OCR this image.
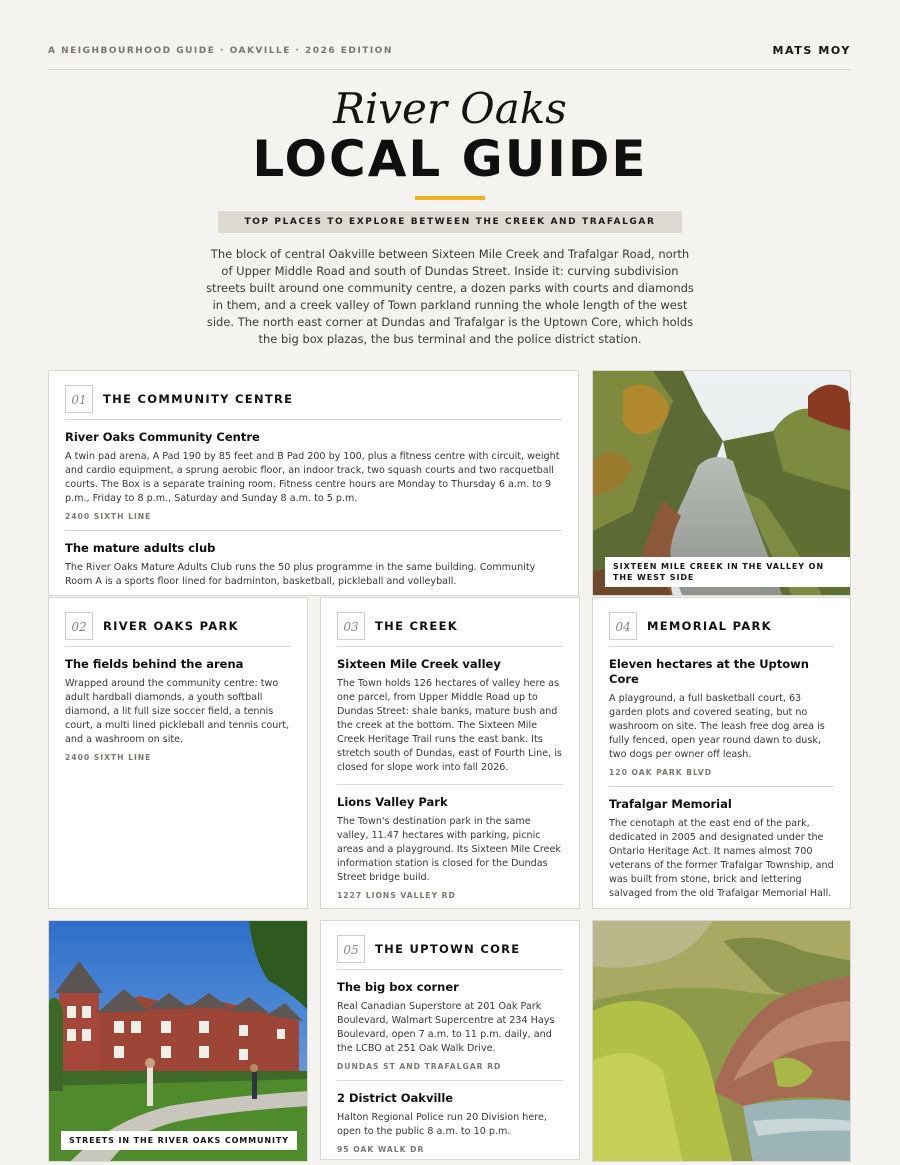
A NEIGHBOURHOOD GUIDE · OAKVILLE · 2026 EDITION	MATS MOY
River Oaks
LOCAL GUIDE
TOP PLACES TO EXPLORE BETWEEN THE CREEK AND TRAFALGAR
The block of central Oakville between Sixteen Mile Creek and Trafalgar Road, north of Upper Middle Road and south of Dundas Street. Inside it: curving subdivision streets built around one community centre, a dozen parks with courts and diamonds in them, and a creek valley of Town parkland running the whole length of the west side. The north east corner at Dundas and Trafalgar is the Uptown Core, which holds the big box plazas, the bus terminal and the police district station.
01	THE COMMUNITY CENTRE
River Oaks Community Centre
A twin pad arena, A Pad 190 by 85 feet and B Pad 200 by 100, plus a fitness centre with circuit, weight and cardio equipment, a sprung aerobic floor, an indoor track, two squash courts and two racquetball courts. The Box is a separate training room. Fitness centre hours are Monday to Thursday 6 a.m. to 9 p.m., Friday to 8 p.m., Saturday and Sunday 8 a.m. to 5 p.m.
2400 SIXTH LINE
The mature adults club
The River Oaks Mature Adults Club runs the 50 plus programme in the same building. Community Room A is a sports floor lined for badminton, basketball, pickleball and volleyball.
SIXTEEN MILE CREEK IN THE VALLEY ON THE WEST SIDE
02	RIVER OAKS PARK
The fields behind the arena
Wrapped around the community centre: two adult hardball diamonds, a youth softball diamond, a lit full size soccer field, a tennis court, a multi lined pickleball and tennis court, and a washroom on site.
2400 SIXTH LINE
03	THE CREEK
Sixteen Mile Creek valley
The Town holds 126 hectares of valley here as one parcel, from Upper Middle Road up to Dundas Street: shale banks, mature bush and the creek at the bottom. The Sixteen Mile Creek Heritage Trail runs the east bank. Its stretch south of Dundas, east of Fourth Line, is closed for slope work into fall 2026.
Lions Valley Park
The Town's destination park in the same valley, 11.47 hectares with parking, picnic areas and a playground. Its Sixteen Mile Creek information station is closed for the Dundas Street bridge build.
1227 LIONS VALLEY RD
04	MEMORIAL PARK
Eleven hectares at the Uptown Core
A playground, a full basketball court, 63 garden plots and covered seating, but no washroom on site. The leash free dog area is fully fenced, open year round dawn to dusk, two dogs per owner off leash.
120 OAK PARK BLVD
Trafalgar Memorial
The cenotaph at the east end of the park, dedicated in 2005 and designated under the Ontario Heritage Act. It names almost 700 veterans of the former Trafalgar Township, and was built from stone, brick and lettering salvaged from the old Trafalgar Memorial Hall.
STREETS IN THE RIVER OAKS COMMUNITY
05	THE UPTOWN CORE
The big box corner
Real Canadian Superstore at 201 Oak Park Boulevard, Walmart Supercentre at 234 Hays Boulevard, open 7 a.m. to 11 p.m. daily, and the LCBO at 251 Oak Walk Drive.
DUNDAS ST AND TRAFALGAR RD
2 District Oakville
Halton Regional Police run 20 Division here, open to the public 8 a.m. to 10 p.m.
95 OAK WALK DR
